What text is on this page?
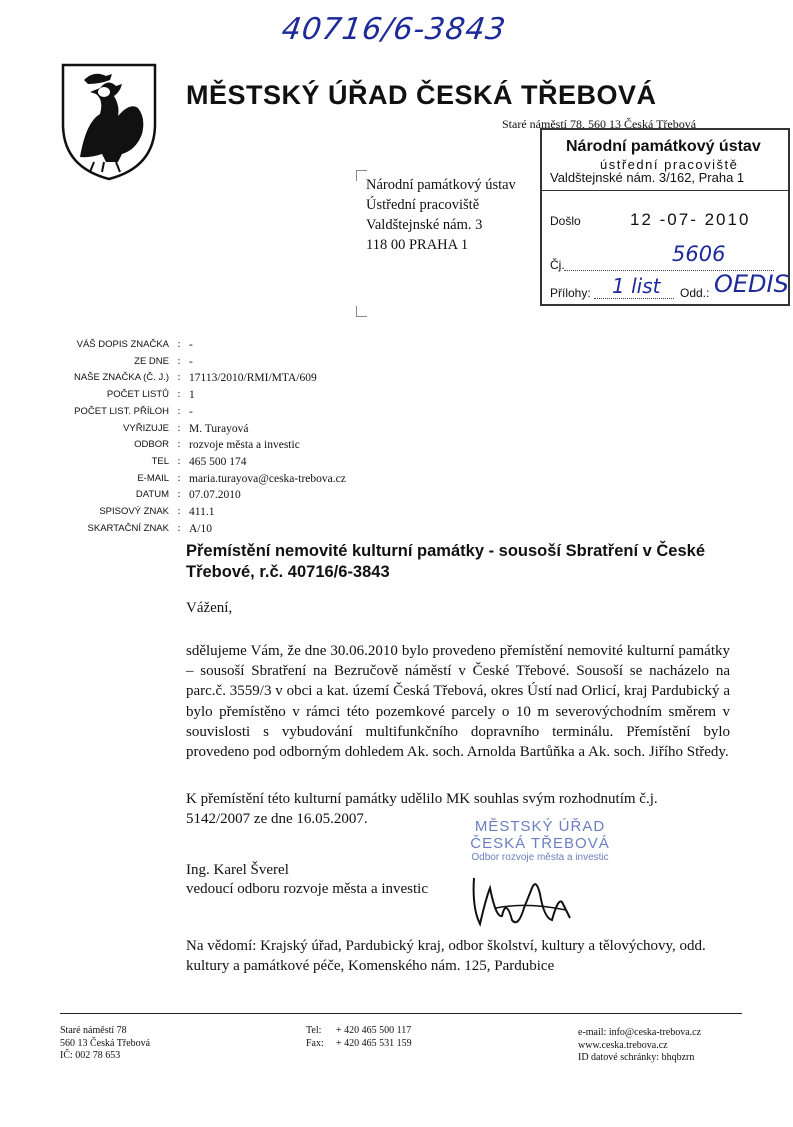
40716/6-3843
MĚSTSKÝ ÚŘAD ČESKÁ TŘEBOVÁ
Staré náměstí 78, 560 13 Česká Třebová
Národní památkový ústav
Ústřední pracoviště
Valdštejnské nám. 3
118 00 PRAHA 1
Národní památkový ústav
ústřední pracoviště
Valdštejnské nám. 3/162, Praha 1
Došlo	12 -07- 2010
Čj.	5606
Přílohy: 1 list Odd.: OEDIS
VÁŠ DOPIS ZNAČKA : -
ZE DNE : -
NAŠE ZNAČKA (Č. J.) : 17113/2010/RMI/MTA/609
POČET LISTŮ : 1
POČET LIST. PŘÍLOH : -
VYŘIZUJE : M. Turayová
ODBOR : rozvoje města a investic
TEL : 465 500 174
E-MAIL : maria.turayova@ceska-trebova.cz
DATUM : 07.07.2010
SPISOVÝ ZNAK : 411.1
SKARTAČNÍ ZNAK : A/10
Přemístění nemovité kulturní památky - sousoší Sbratření v České Třebové, r.č. 40716/6-3843
Vážení,
sdělujeme Vám, že dne 30.06.2010 bylo provedeno přemístění nemovité kulturní památky – sousoší Sbratření na Bezručově náměstí v České Třebové. Sousoší se nacházelo na parc.č. 3559/3 v obci a kat. území Česká Třebová, okres Ústí nad Orlicí, kraj Pardubický a bylo přemístěno v rámci této pozemkové parcely o 10 m severovýchodním směrem v souvislosti s vybudování multifunkčního dopravního terminálu. Přemístění bylo provedeno pod odborným dohledem Ak. soch. Arnolda Bartůňka a Ak. soch. Jiřího Středy.
K přemístění této kulturní památky udělilo MK souhlas svým rozhodnutím č.j. 5142/2007 ze dne 16.05.2007.	MĚSTSKÝ ÚŘAD
ČESKÁ TŘEBOVÁ
Odbor rozvoje města a investic
Ing. Karel Šverel
vedoucí odboru rozvoje města a investic
Na vědomí: Krajský úřad, Pardubický kraj, odbor školství, kultury a tělovýchovy, odd. kultury a památkové péče, Komenského nám. 125, Pardubice
Staré náměstí 78
560 13 Česká Třebová
IČ: 002 78 653
Tel:	+ 420 465 500 117
Fax:	+ 420 465 531 159
e-mail: info@ceska-trebova.cz
www.ceska.trebova.cz
ID datové schránky: bhqbzrn
